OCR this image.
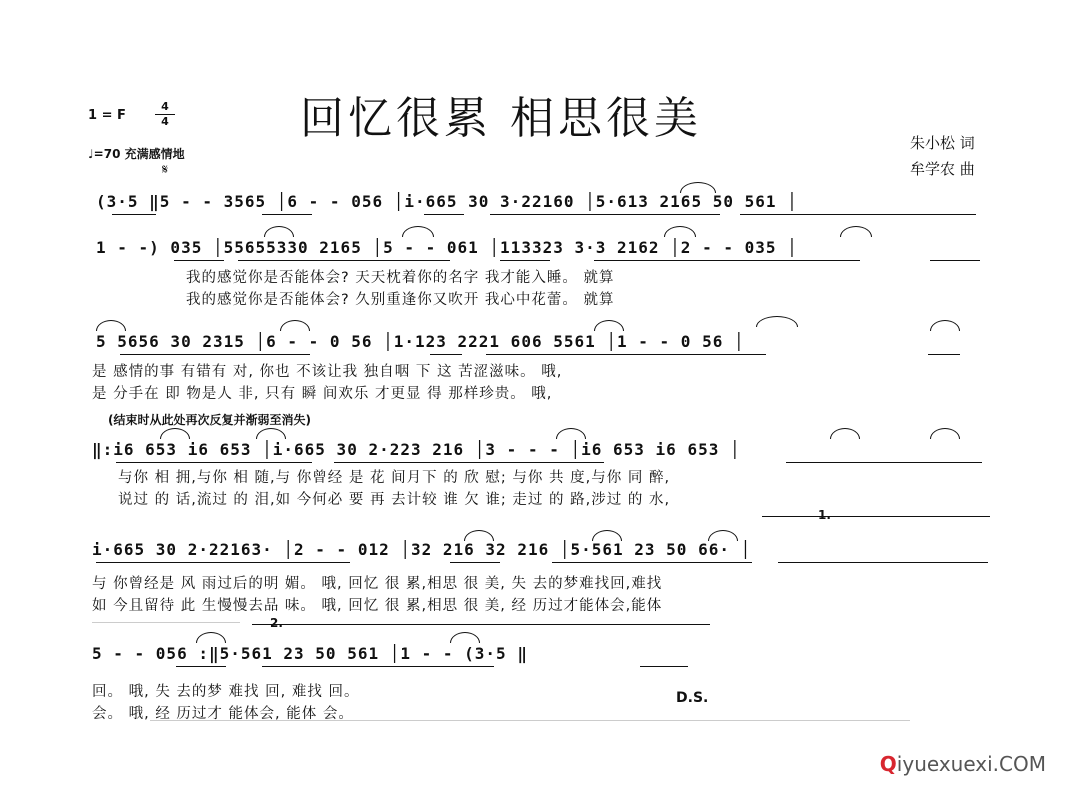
回忆很累 相思很美
1 = F
4
4
♩=70 充满感情地
𝄋
朱小松 词
牟学农 曲
(3·5 ‖5 - - 3565 │6 - - 056 │i·665 30 3·22160 │5·613 2165 50 561 │
1 - -) 035 │55655330 2165 │5 - - 061 │113323 3·3 2162 │2 - - 035 │
我的感觉你是否能体会? 天天枕着你的名字 我才能入睡。 就算
我的感觉你是否能体会? 久别重逢你又吹开 我心中花蕾。 就算
5 5656 30 2315 │6 - - 0 56 │1·123 2221 606 5561 │1 - - 0 56 │
是 感情的事 有错有 对, 你也 不该让我 独自咽 下 这 苦涩滋味。 哦,
是 分手在 即 物是人 非, 只有 瞬 间欢乐 才更显 得 那样珍贵。 哦,
(结束时从此处再次反复并渐弱至消失)
‖:i6 653 i6 653 │i·665 30 2·223 216 │3 - - - │i6 653 i6 653 │
与你 相 拥,与你 相 随,与 你曾经 是 花 间月下 的 欣 慰; 与你 共 度,与你 同 醉,
说过 的 话,流过 的 泪,如 今何必 要 再 去计较 谁 欠 谁; 走过 的 路,涉过 的 水,
1.
i·665 30 2·22163· │2 - - 012 │32 216 32 216 │5·561 23 50 66· │
与 你曾经是 风 雨过后的明 媚。 哦, 回忆 很 累,相思 很 美, 失 去的梦难找回,难找
如 今且留待 此 生慢慢去品 味。 哦, 回忆 很 累,相思 很 美, 经 历过才能体会,能体
2.
5 - - 056 :‖5·561 23 50 561 │1 - - (3·5 ‖
回。 哦, 失 去的梦 难找 回, 难找 回。
会。 哦, 经 历过才 能体会, 能体 会。
D.S.
Qiyuexuexi.COM
